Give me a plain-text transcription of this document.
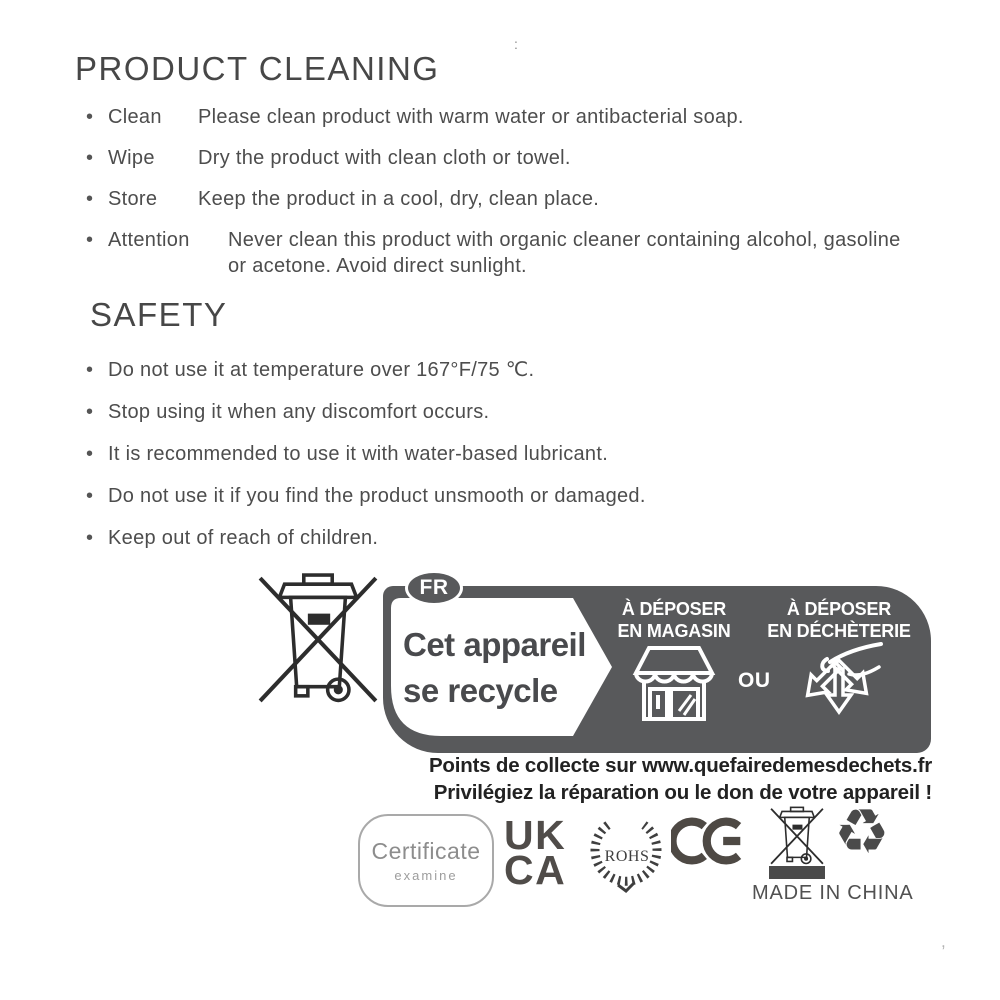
PRODUCT CLEANING
• Clean	Please clean product with warm water or antibacterial soap.
• Wipe	Dry the product with clean cloth or towel.
• Store	Keep the product in a cool, dry, clean place.
• Attention	Never clean this product with organic cleaner containing alcohol, gasoline or acetone. Avoid direct sunlight.
SAFETY
• Do not use it at temperature over 167°F/75 ℃.
• Stop using it when any discomfort occurs.
• It is recommended to use it with water-based lubricant.
• Do not use it if you find the product unsmooth or damaged.
• Keep out of reach of children.
FR
Cet appareil
se recycle
À DÉPOSER
EN MAGASIN
OU
À DÉPOSER
EN DÉCHÈTERIE
Points de collecte sur www.quefairedemesdechets.fr
Privilégiez la réparation ou le don de votre appareil !
Certificate
examine
UK
CA ROHS	♻
MADE IN CHINA
:
,
